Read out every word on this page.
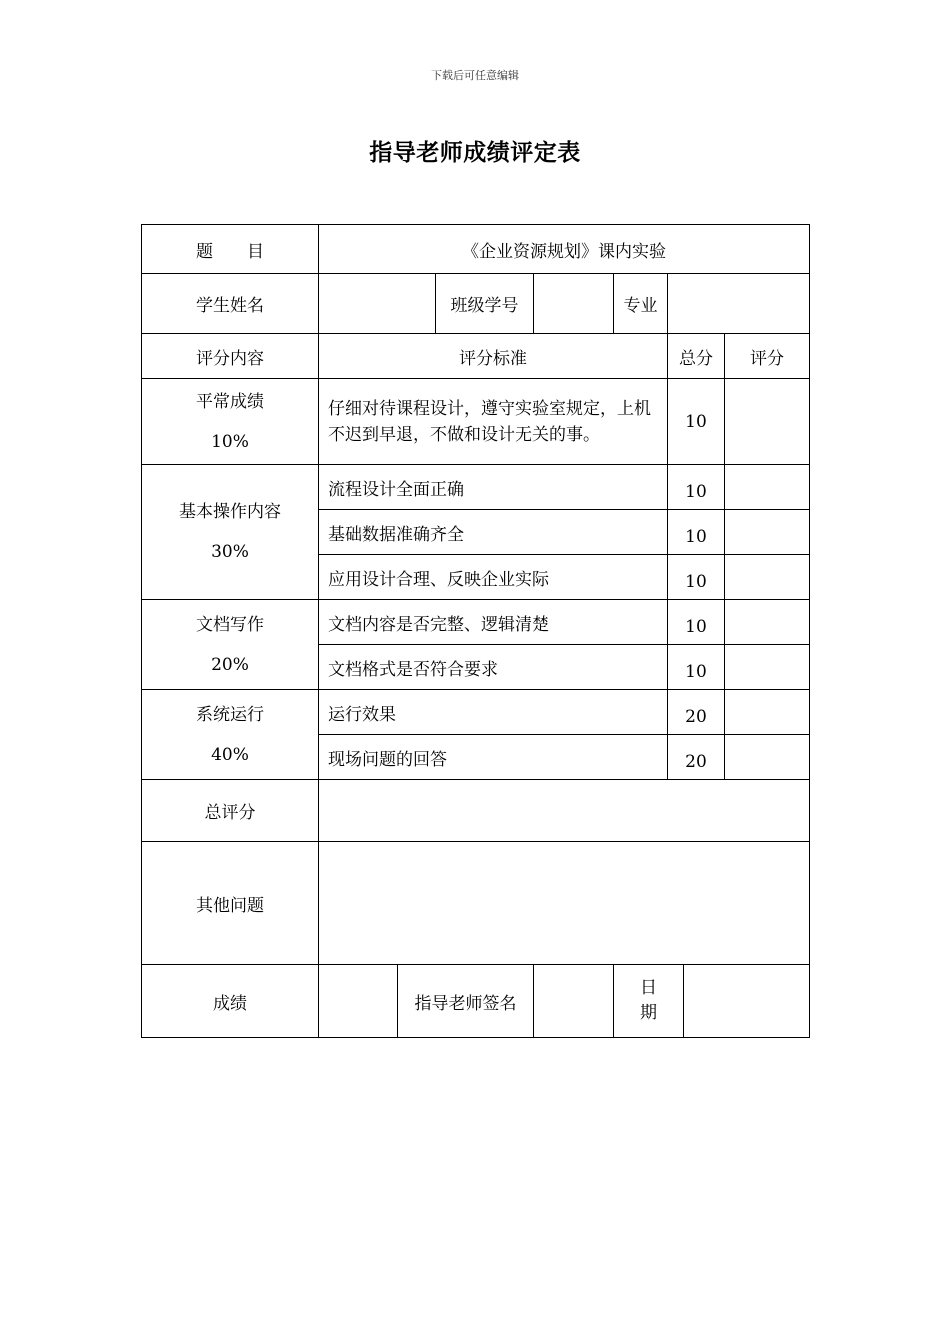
下载后可任意编辑
指导老师成绩评定表
题　　目	《企业资源规划》课内实验							
学生姓名			班级学号		专业			
评分内容	评分标准					总分		评分

平常成绩
10%	仔细对待课程设计，遵守实验室规定，上机不迟到早退，不做和设计无关的事。					10		

基本操作内容
30%	流程设计全面正确					10		
	基础数据准确齐全					10		
	应用设计合理、反映企业实际					10		

文档写作
20%	文档内容是否完整、逻辑清楚					10		
	文档格式是否符合要求					10		

系统运行
40%	运行效果					20		
	现场问题的回答					20		
总评分								
其他问题								
成绩		指导老师签名			日
期			
